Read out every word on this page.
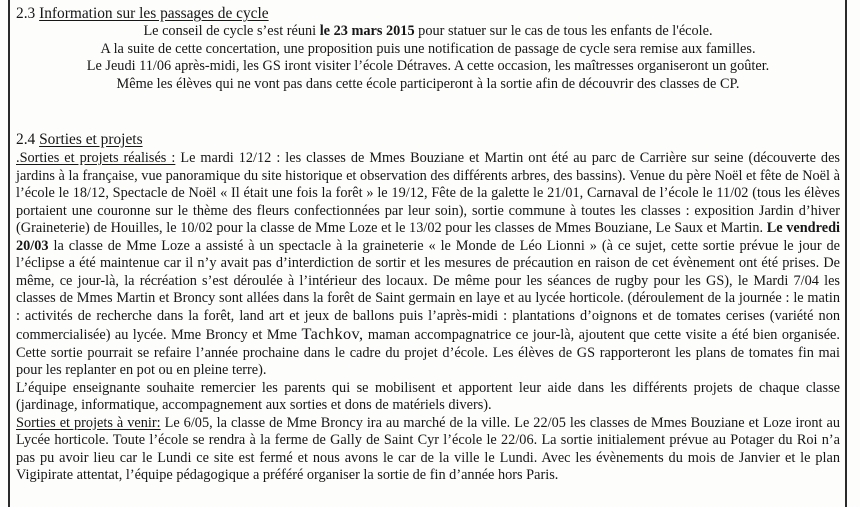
2.3 Information sur les passages de cycle
Le conseil de cycle s’est réuni le 23 mars 2015 pour statuer sur le cas de tous les enfants de l'école.
A la suite de cette concertation, une proposition puis une notification de passage de cycle sera remise aux familles.
Le Jeudi 11/06 après-midi, les GS iront visiter l’école Détraves. A cette occasion, les maîtresses organiseront un goûter.
Même les élèves qui ne vont pas dans cette école participeront à la sortie afin de découvrir des classes de CP.
2.4 Sorties et projets

.Sorties et projets réalisés : Le mardi 12/12 : les classes de Mmes Bouziane et Martin ont été au parc de Carrière sur seine (découverte des jardins à la française, vue panoramique du site historique et observation des différents arbres, des bassins). Venue du père Noël et fête de Noël à l’école le 18/12, Spectacle de Noël « Il était une fois la forêt » le 19/12, Fête de la galette le 21/01, Carnaval de l’école le 11/02 (tous les élèves portaient une couronne sur le thème des fleurs confectionnées par leur soin), sortie commune à toutes les classes : exposition Jardin d’hiver (Graineterie) de Houilles, le 10/02 pour la classe de Mme Loze et le 13/02 pour les classes de Mmes Bouziane, Le Saux et Martin. Le vendredi 20/03 la classe de Mme Loze a assisté à un spectacle à la graineterie « le Monde de Léo Lionni » (à ce sujet, cette sortie prévue le jour de l’éclipse a été maintenue car il n’y avait pas d’interdiction de sortir et les mesures de précaution en raison de cet évènement ont été prises. De même, ce jour-là, la récréation s’est déroulée à l’intérieur des locaux. De même pour les séances de rugby pour les GS), le Mardi 7/04 les classes de Mmes Martin et Broncy sont allées dans la forêt de Saint germain en laye et au lycée horticole. (déroulement de la journée : le matin : activités de recherche dans la forêt, land art et jeux de ballons puis l’après-midi : plantations d’oignons et de tomates cerises (variété non commercialisée) au lycée. Mme Broncy et Mme Tachkov, maman accompagnatrice ce jour-là, ajoutent que cette visite a été bien organisée. Cette sortie pourrait se refaire l’année prochaine dans le cadre du projet d’école. Les élèves de GS rapporteront les plans de tomates fin mai pour les replanter en pot ou en pleine terre).

L’équipe enseignante souhaite remercier les parents qui se mobilisent et apportent leur aide dans les différents projets de chaque classe (jardinage, informatique, accompagnement aux sorties et dons de matériels divers).

Sorties et projets à venir: Le 6/05, la classe de Mme Broncy ira au marché de la ville. Le 22/05 les classes de Mmes Bouziane et Loze iront au Lycée horticole. Toute l’école se rendra à la ferme de Gally de Saint Cyr l’école le 22/06. La sortie initialement prévue au Potager du Roi n’a pas pu avoir lieu car le Lundi ce site est fermé et nous avons le car de la ville le Lundi. Avec les évènements du mois de Janvier et le plan Vigipirate attentat, l’équipe pédagogique a préféré organiser la sortie de fin d’année hors Paris.
